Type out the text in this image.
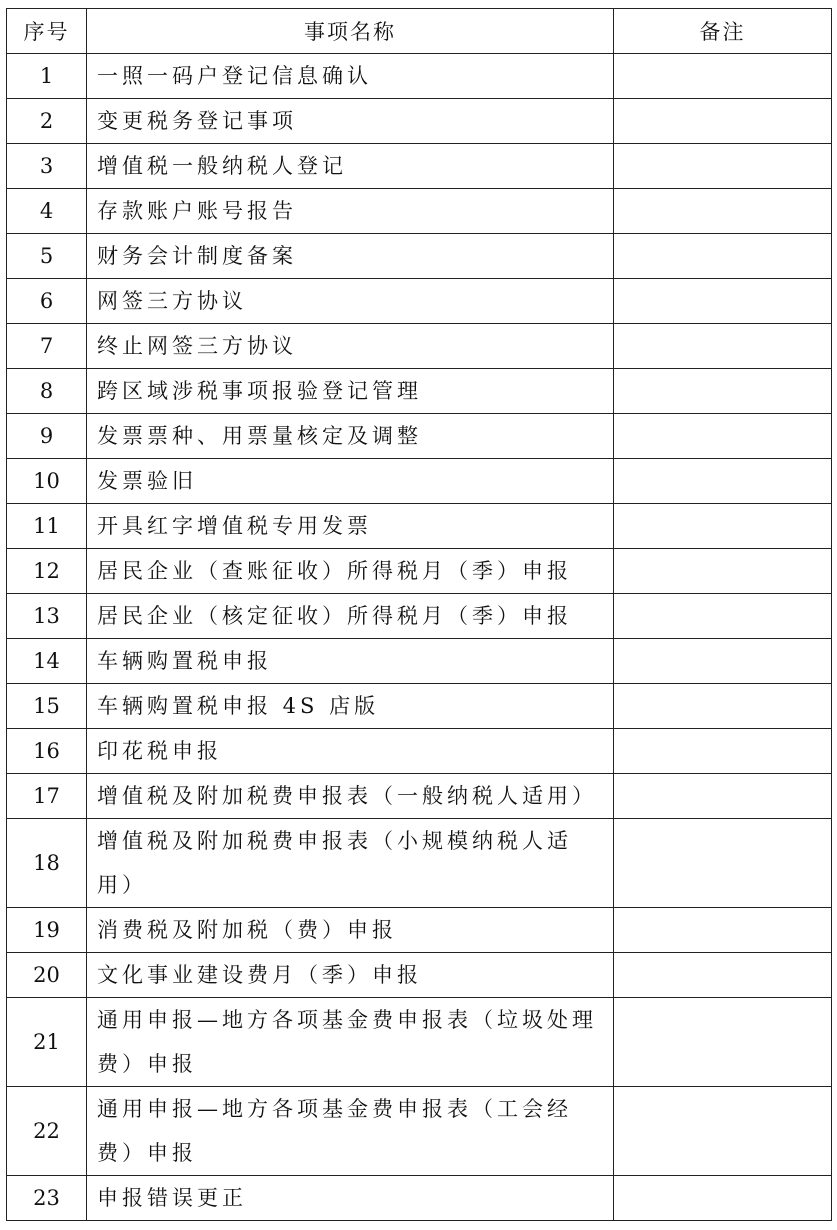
序号	事项名称	备注
1	一照一码户登记信息确认	
2	变更税务登记事项	
3	增值税一般纳税人登记	
4	存款账户账号报告	
5	财务会计制度备案	
6	网签三方协议	
7	终止网签三方协议	
8	跨区域涉税事项报验登记管理	
9	发票票种、用票量核定及调整	
10	发票验旧	
11	开具红字增值税专用发票	
12	居民企业（查账征收）所得税月（季）申报	
13	居民企业（核定征收）所得税月（季）申报	
14	车辆购置税申报	
15	车辆购置税申报 4S 店版	
16	印花税申报	
17	增值税及附加税费申报表（一般纳税人适用）	
18	增值税及附加税费申报表（小规模纳税人适用）	
19	消费税及附加税（费）申报	
20	文化事业建设费月（季）申报	
21	通用申报—地方各项基金费申报表（垃圾处理费）申报	
22	通用申报—地方各项基金费申报表（工会经费）申报	
23	申报错误更正	
